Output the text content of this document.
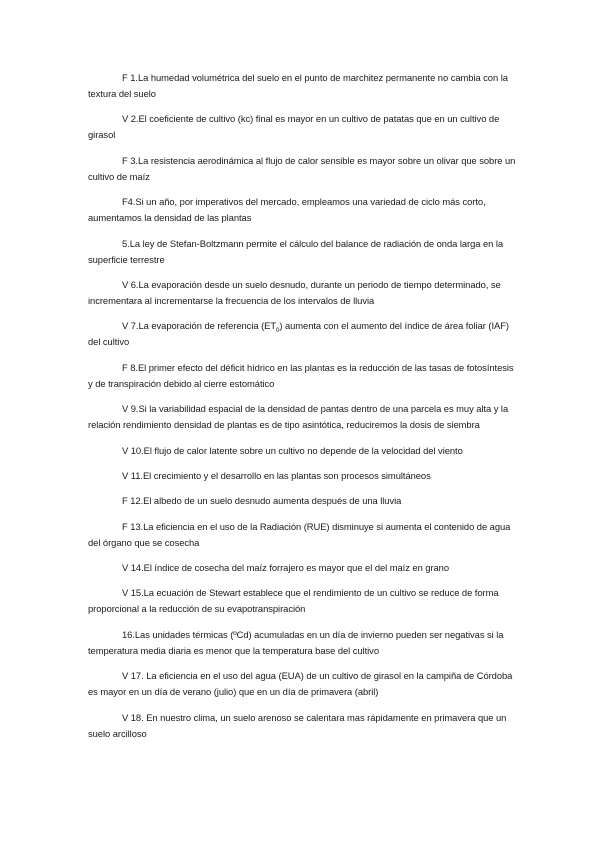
F 1.La humedad volumétrica del suelo en el punto de marchitez permanente no cambia con la textura del suelo

V 2.El coeficiente de cultivo (kc) final es mayor en un cultivo de patatas que en un cultivo de girasol

F 3.La resistencia aerodinámica al flujo de calor sensible es mayor sobre un olivar que sobre un cultivo de maíz

F4.Si un año, por imperativos del mercado, empleamos una variedad de ciclo más corto, aumentamos la densidad de las plantas

5.La ley de Stefan-Boltzmann permite el cálculo del balance de radiación de onda larga en la superficie terrestre

V 6.La evaporación desde un suelo desnudo, durante un periodo de tiempo determinado, se incrementara al incrementarse la frecuencia de los intervalos de lluvia

V 7.La evaporación de referencia $(ET_0)$ aumenta con el aumento del índice de área foliar (IAF) del cultivo

F 8.El primer efecto del déficit hídrico en las plantas es la reducción de las tasas de fotosíntesis y de transpiración debido al cierre estomático

V 9.Si la variabilidad espacial de la densidad de pantas dentro de una parcela es muy alta y la relación rendimiento densidad de plantas es de tipo asintótica, reduciremos la dosis de siembra

V 10.El flujo de calor latente sobre un cultivo no depende de la velocidad del viento

V 11.El crecimiento y el desarrollo en las plantas son procesos simultáneos

F 12.El albedo de un suelo desnudo aumenta después de una lluvia

F 13.La eficiencia en el uso de la Radiación (RUE) disminuye si aumenta el contenido de agua del órgano que se cosecha

V 14.El índice de cosecha del maíz forrajero es mayor que el del maíz en grano

V 15.La ecuación de Stewart establece que el rendimiento de un cultivo se reduce de forma proporcional a la reducción de su evapotranspiración

16.Las unidades térmicas (ºCd) acumuladas en un día de invierno pueden ser negativas si la temperatura media diaria es menor que la temperatura base del cultivo

V 17. La eficiencia en el uso del agua (EUA) de un cultivo de girasol en la campiña de Córdoba es mayor en un día de verano (julio) que en un día de primavera (abril)

V 18. En nuestro clima, un suelo arenoso se calentara mas rápidamente en primavera que un suelo arcilloso
